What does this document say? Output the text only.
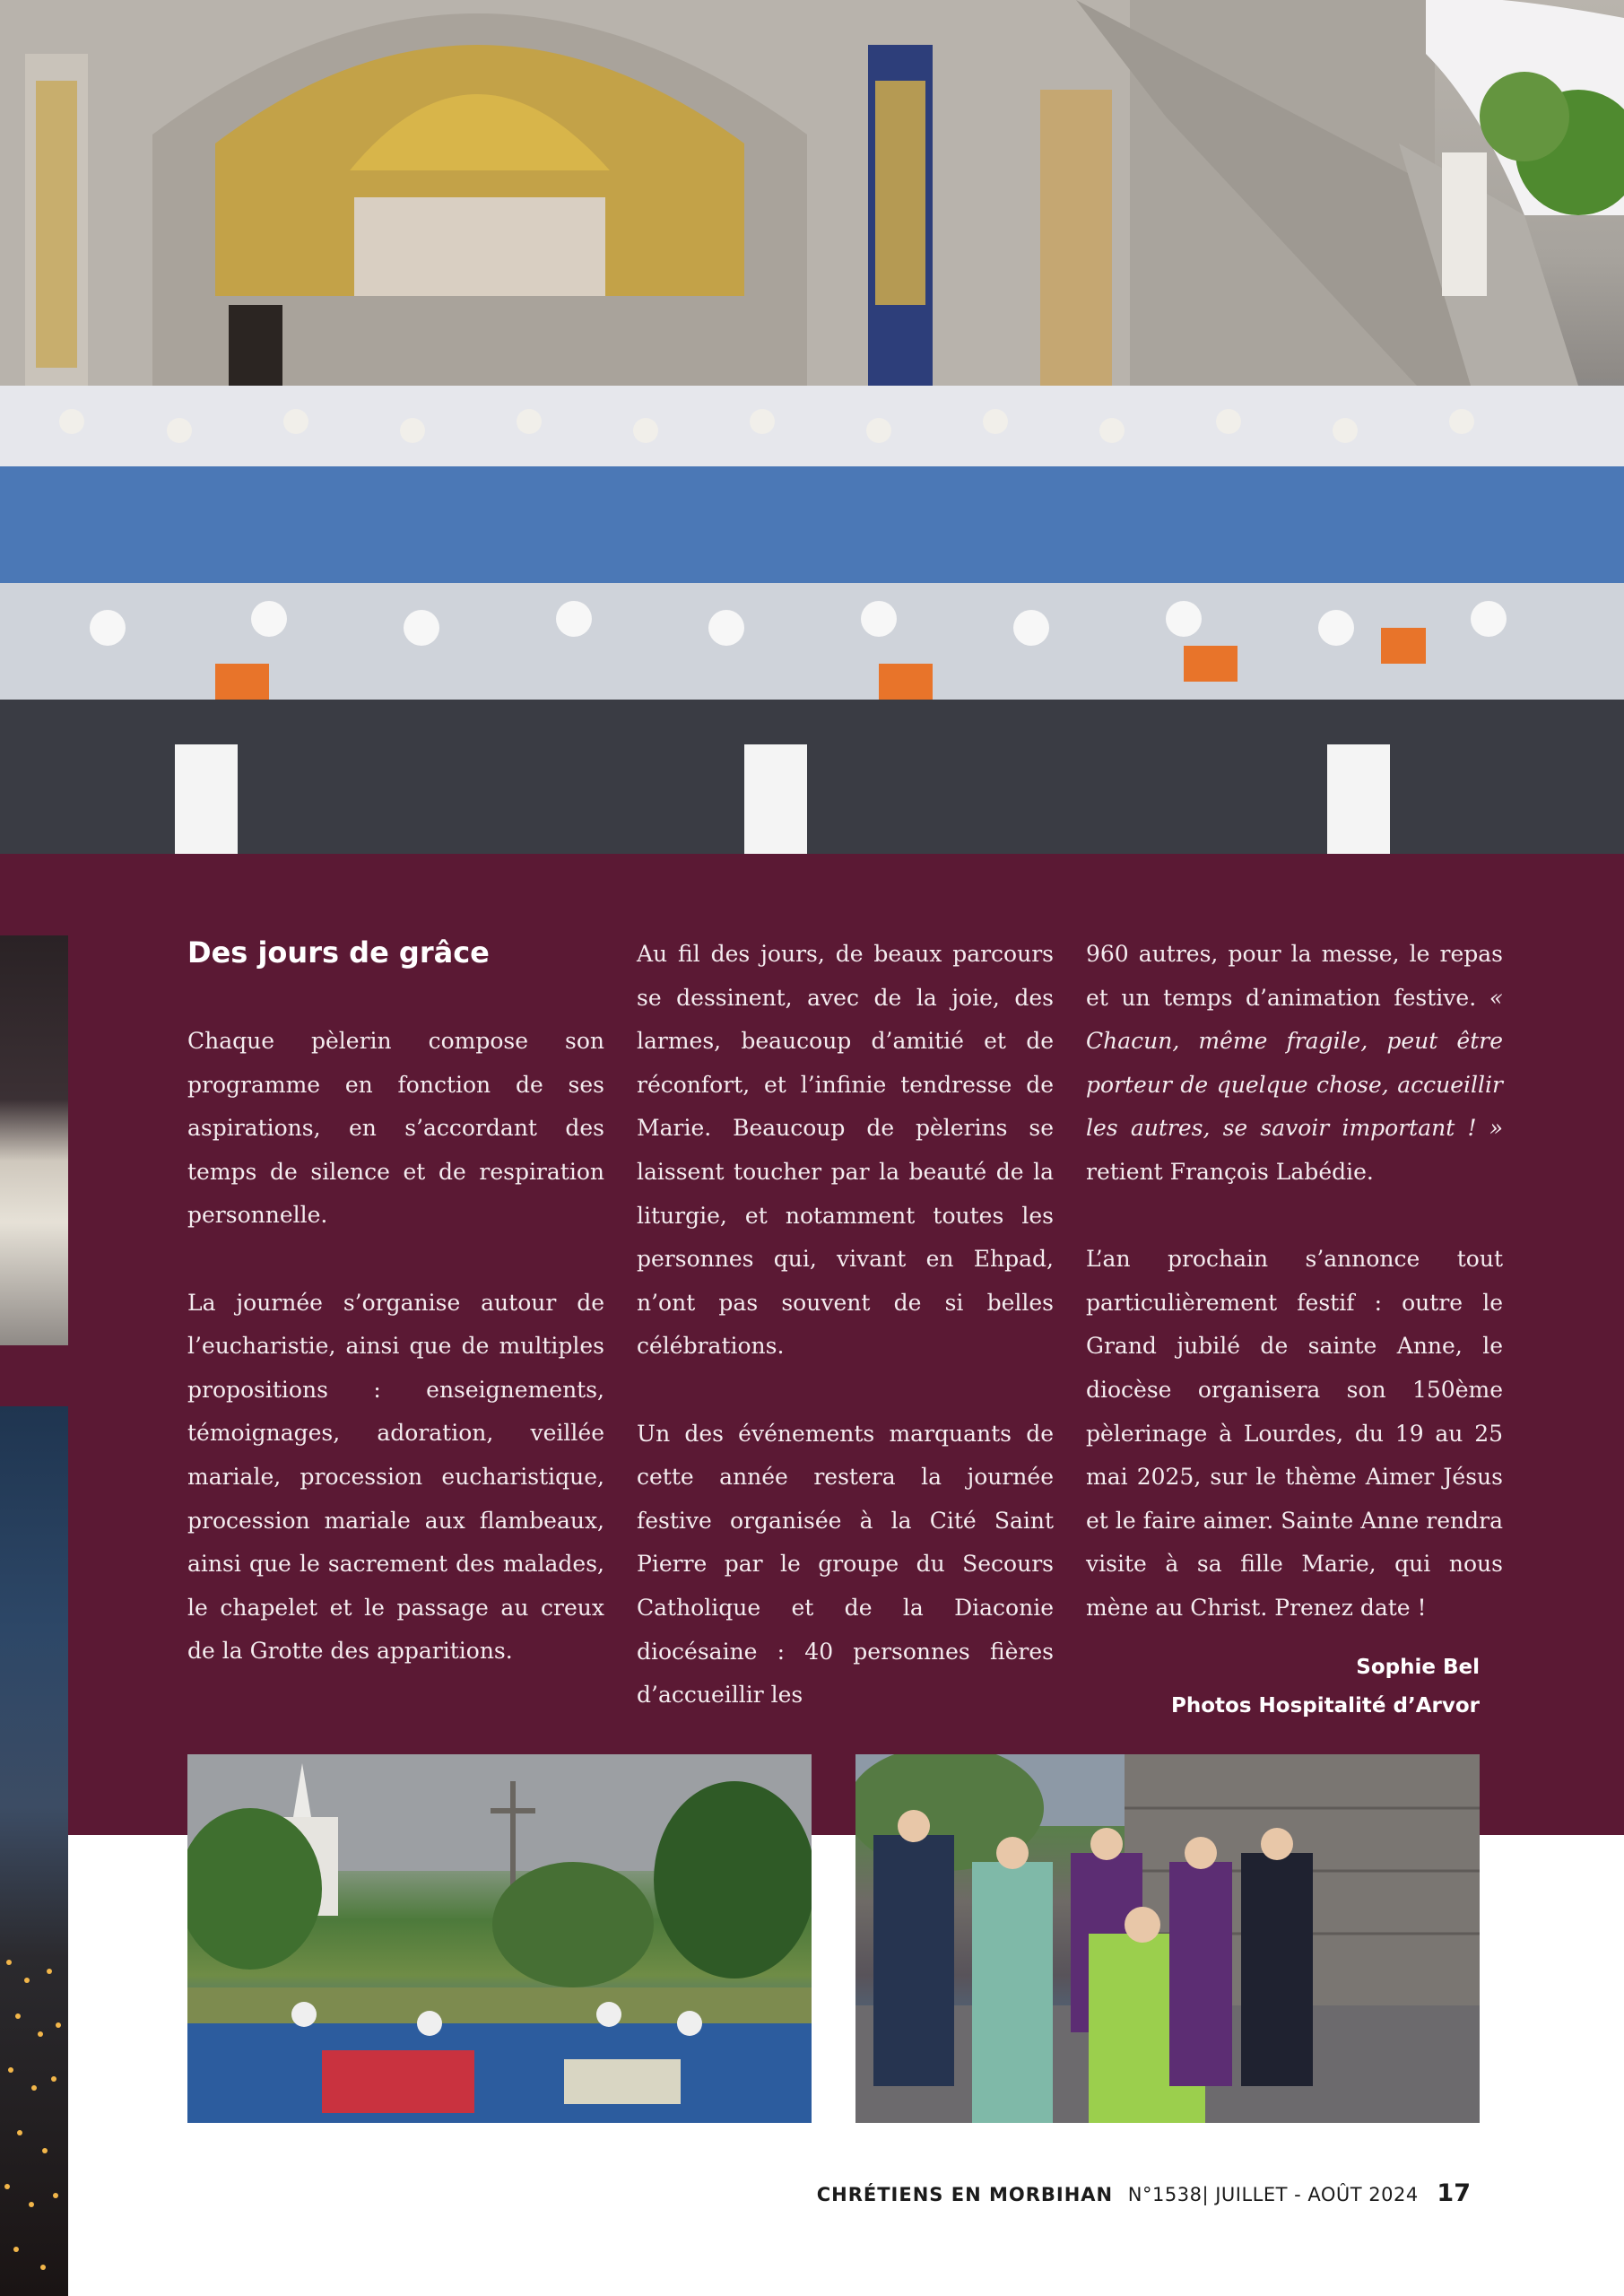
Des jours de grâce

Chaque pèlerin compose son programme en fonction de ses aspirations, en s’accordant des temps de silence et de respiration personnelle.

La journée s’organise autour de l’eucharistie, ainsi que de multiples propositions : enseignements, témoignages, adoration, veillée mariale, procession eucharistique, procession mariale aux flambeaux, ainsi que le sacrement des malades, le chapelet et le passage au creux de la Grotte des apparitions.

Au fil des jours, de beaux parcours se dessinent, avec de la joie, des larmes, beaucoup d’amitié et de réconfort, et l’infinie tendresse de Marie. Beaucoup de pèlerins se laissent toucher par la beauté de la liturgie, et notamment toutes les personnes qui, vivant en Ehpad, n’ont pas souvent de si belles célébrations.

Un des événements marquants de cette année restera la journée festive organisée à la Cité Saint Pierre par le groupe du Secours Catholique et de la Diaconie diocésaine : 40 personnes fières d’accueillir les

960 autres, pour la messe, le repas et un temps d’animation festive. « Chacun, même fragile, peut être porteur de quelque chose, accueillir les autres, se savoir important ! » retient François Labédie.

L’an prochain s’annonce tout particulièrement festif : outre le Grand jubilé de sainte Anne, le diocèse organisera son 150ème pèlerinage à Lourdes, du 19 au 25 mai 2025, sur le thème Aimer Jésus et le faire aimer. Sainte Anne rendra visite à sa fille Marie, qui nous mène au Christ. Prenez date !

Sophie Bel
Photos Hospitalité d’Arvor
CHRÉTIENS EN MORBIHAN N°1538| JUILLET - AOÛT 2024 17
